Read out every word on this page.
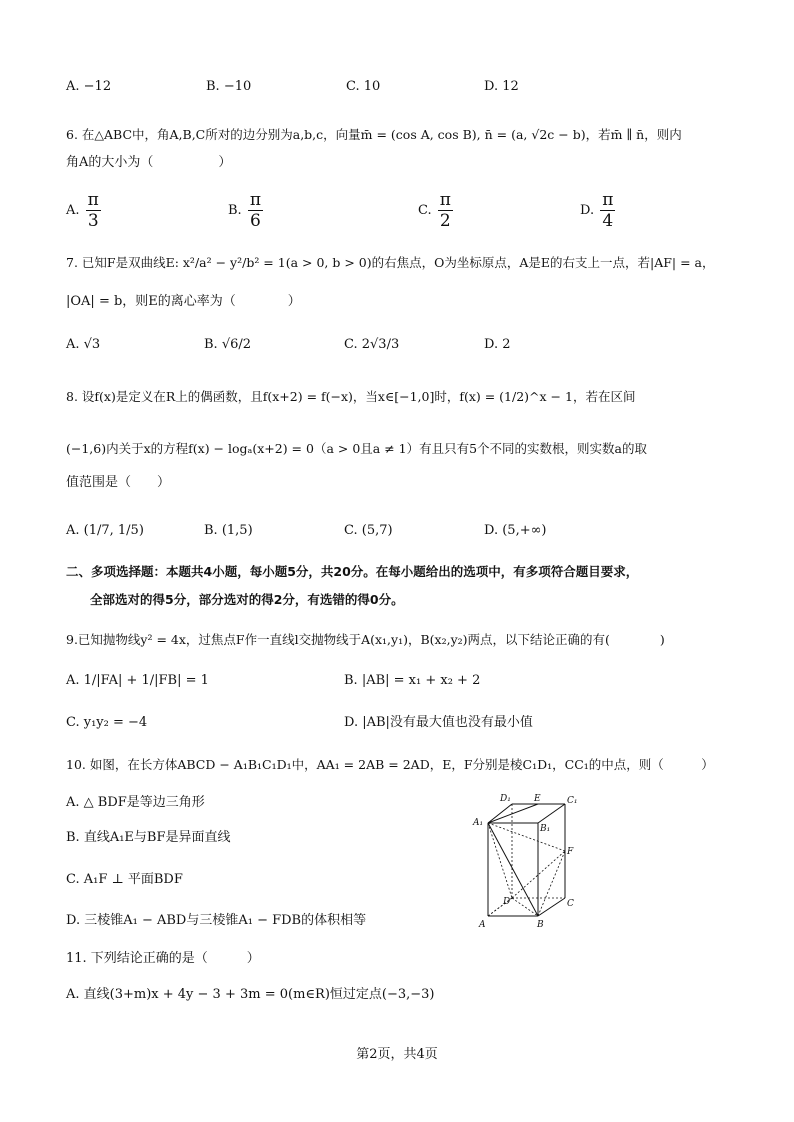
A. −12	B. −10	C. 10	D. 12
6. 在△ABC中，角A,B,C所对的边分别为a,b,c，向量m̄ = (cos A, cos B), n̄ = (a, √2c − b)，若m̄ ∥ n̄，则内
角A的大小为（　　　　　）
A. $\frac{\pi}{3}$	B. $\frac{\pi}{6}$	C. $\frac{\pi}{2}$	D. $\frac{\pi}{4}$
7. 已知F是双曲线E: x²/a² − y²/b² = 1(a > 0, b > 0)的右焦点，O为坐标原点，A是E的右支上一点，若|AF| = a，
|OA| = b，则E的离心率为（　　　　）
A. √3	B. √6/2	C. 2√3/3	D. 2
8. 设f(x)是定义在R上的偶函数，且f(x+2) = f(−x)，当x∈[−1,0]时，f(x) = (1/2)^x − 1，若在区间
(−1,6)内关于x的方程f(x) − logₐ(x+2) = 0（a > 0且a ≠ 1）有且只有5个不同的实数根，则实数a的取
值范围是（　　）
A. (1/7, 1/5)	B. (1,5)	C. (5,7)	D. (5,+∞)
二、多项选择题：本题共4小题，每小题5分，共20分。在每小题给出的选项中，有多项符合题目要求，
全部选对的得5分，部分选对的得2分，有选错的得0分。
9.已知抛物线y² = 4x，过焦点F作一直线l交抛物线于A(x₁,y₁)，B(x₂,y₂)两点，以下结论正确的有(　　　　)
A. 1/|FA| + 1/|FB| = 1	B. |AB| = x₁ + x₂ + 2
C. y₁y₂ = −4	D. |AB|没有最大值也没有最小值
10. 如图，在长方体ABCD − A₁B₁C₁D₁中，AA₁ = 2AB = 2AD，E，F分别是棱C₁D₁，CC₁的中点，则（　　　）
A. △ BDF是等边三角形
B. 直线A₁E与BF是异面直线
C. A₁F ⊥ 平面BDF
D. 三棱锥A₁ − ABD与三棱锥A₁ − FDB的体积相等
D₁	E	C₁
A₁
B₁
F
D	C
A	B
11. 下列结论正确的是（　　　）
A. 直线(3+m)x + 4y − 3 + 3m = 0(m∈R)恒过定点(−3,−3)
第2页，共4页
